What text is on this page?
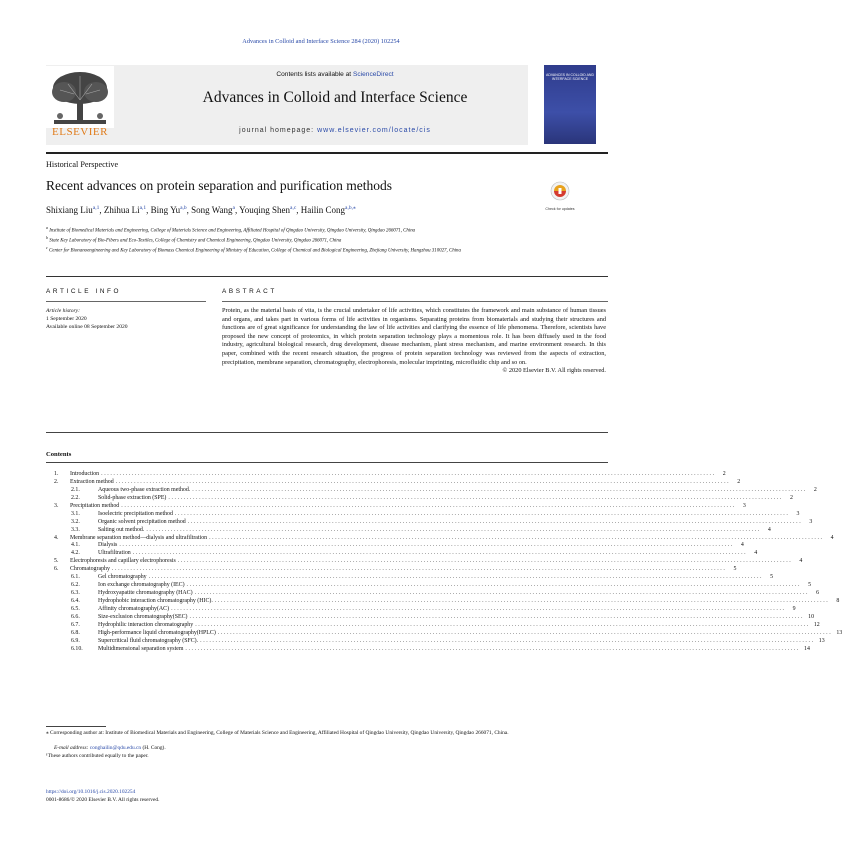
Advances in Colloid and Interface Science 284 (2020) 102254
ELSEVIER
Contents lists available at ScienceDirect
Advances in Colloid and Interface Science
journal homepage: www.elsevier.com/locate/cis
ADVANCES IN COLLOID AND INTERFACE SCIENCE
Historical Perspective
Recent advances on protein separation and purification methods
Check for updates
Shixiang Liu$^{a,1}$, Zhihua Li$^{a,1}$, Bing Yu$^{a,b}$, Song Wang$^a$, Youqing Shen$^{a,c}$, Hailin Cong$^{a,b,⁎}$
$^a$ Institute of Biomedical Materials and Engineering, College of Materials Science and Engineering, Affiliated Hospital of Qingdao University, Qingdao University, Qingdao 266071, China
$^b$ State Key Laboratory of Bio-Fibers and Eco-Textiles, College of Chemistry and Chemical Engineering, Qingdao University, Qingdao 266071, China
$^c$ Center for Bionanoengineering and Key Laboratory of Biomass Chemical Engineering of Ministry of Education, College of Chemical and Biological Engineering, Zhejiang University, Hangzhou 310027, China
ARTICLE INFO
Article history:
1 September 2020
Available online 08 September 2020
ABSTRACT
Protein, as the material basis of vita, is the crucial undertaker of life activities, which constitutes the framework and main substance of human tissues and organs, and takes part in various forms of life activities in organisms. Separating proteins from biomaterials and studying their structures and functions are of great significance for understanding the law of life activities and clarifying the essence of life phenomena. Therefore, scientists have proposed the new concept of proteomics, in which protein separation technology plays a momentous role. It has been diffusely used in the food industry, agricultural biological research, drug development, disease mechanism, plant stress mechanism, and marine environment research. In this paper, combined with the recent research situation, the progress of protein separation technology was reviewed from the aspects of extraction, precipitation, membrane separation, chromatography, electrophoresis, molecular imprinting, microfluidic chip and so on.
© 2020 Elsevier B.V. All rights reserved.
Contents
1.	Introduction ........................................................................................................................................................................................................	2
2.	Extraction method ........................................................................................................................................................................................................	2
2.1.	Aqueous two-phase extraction method. ........................................................................................................................................................................................................	2
2.2.	Solid-phase extraction (SPE) ........................................................................................................................................................................................................	2
3.	Precipitation method ........................................................................................................................................................................................................	3
3.1.	Isoelectric precipitation method ........................................................................................................................................................................................................	3
3.2.	Organic solvent precipitation method ........................................................................................................................................................................................................	3
3.3.	Salting out method. ........................................................................................................................................................................................................	4
4.	Membrane separation method—dialysis and ultrafiltration ........................................................................................................................................................................................................	4
4.1.	Dialysis ........................................................................................................................................................................................................	4
4.2.	Ultrafiltration ........................................................................................................................................................................................................	4
5.	Electrophoresis and capillary electrophoresis ........................................................................................................................................................................................................	4
6.	Chromatography ........................................................................................................................................................................................................	5
6.1.	Gel chromatography ........................................................................................................................................................................................................	5
6.2.	Ion exchange chromatography (IEC) ........................................................................................................................................................................................................	5
6.3.	Hydroxyapatite chromatography (HAC) ........................................................................................................................................................................................................	6
6.4.	Hydrophobic interaction chromatography (HIC). ........................................................................................................................................................................................................	8
6.5.	Affinity chromatography(AC) ........................................................................................................................................................................................................	9
6.6.	Size-exclusion chromatography(SEC) ........................................................................................................................................................................................................ 10
6.7.	Hydrophilic interaction chromatography ........................................................................................................................................................................................................ 12
6.8.	High-performance liquid chromatography(HPLC) ........................................................................................................................................................................................................ 13
6.9.	Supercritical fluid chromatography (SFC). ........................................................................................................................................................................................................ 13
6.10.	Multidimensional separation system ........................................................................................................................................................................................................ 14
⁎ Corresponding author at: Institute of Biomedical Materials and Engineering, College of Materials Science and Engineering, Affiliated Hospital of Qingdao University, Qingdao University, Qingdao 266071, China.
E-mail address: conghailin@qdu.edu.cn (H. Cong).
¹These authors contributed equally to the paper.
https://doi.org/10.1016/j.cis.2020.102254
0001-8686/© 2020 Elsevier B.V. All rights reserved.
